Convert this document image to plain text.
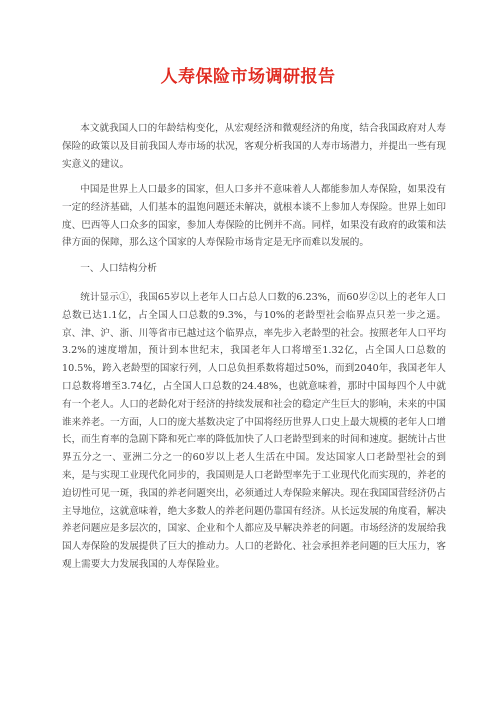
人寿保险市场调研报告

本文就我国人口的年龄结构变化，从宏观经济和微观经济的角度，结合我国政府对人寿保险的政策以及目前我国人寿市场的状况，客观分析我国的人寿市场潜力，并提出一些有现实意义的建议。

中国是世界上人口最多的国家，但人口多并不意味着人人都能参加人寿保险，如果没有一定的经济基础，人们基本的温饱问题还未解决，就根本谈不上参加人寿保险。世界上如印度、巴西等人口众多的国家，参加人寿保险的比例并不高。同样，如果没有政府的政策和法律方面的保障，那么这个国家的人寿保险市场肯定是无序而难以发展的。

一、人口结构分析

统计显示①，我国65岁以上老年人口占总人口数的6.23%，而60岁②以上的老年人口总数已达1.1亿，占全国人口总数的9.3%，与10%的老龄型社会临界点只差一步之遥。京、津、沪、浙、川等省市已越过这个临界点，率先步入老龄型的社会。按照老年人口平均3.2%的速度增加，预计到本世纪末，我国老年人口将增至1.32亿，占全国人口总数的10.5%，跨入老龄型的国家行列，人口总负担系数将超过50%，而到2040年，我国老年人口总数将增至3.74亿，占全国人口总数的24.48%，也就意味着，那时中国每四个人中就有一个老人。人口的老龄化对于经济的持续发展和社会的稳定产生巨大的影响，未来的中国谁来养老。一方面，人口的庞大基数决定了中国将经历世界人口史上最大规模的老年人口增长，而生育率的急剧下降和死亡率的降低加快了人口老龄型到来的时间和速度。据统计占世界五分之一、亚洲二分之一的60岁以上老人生活在中国。发达国家人口老龄型社会的到来，是与实现工业现代化同步的，我国则是人口老龄型率先于工业现代化而实现的，养老的迫切性可见一斑，我国的养老问题突出，必须通过人寿保险来解决。现在我国国营经济仍占主导地位，这就意味着，绝大多数人的养老问题仍靠国有经济。从长远发展的角度看，解决养老问题应是多层次的，国家、企业和个人都应及早解决养老的问题。市场经济的发展给我国人寿保险的发展提供了巨大的推动力。人口的老龄化、社会承担养老问题的巨大压力，客观上需要大力发展我国的人寿保险业。
